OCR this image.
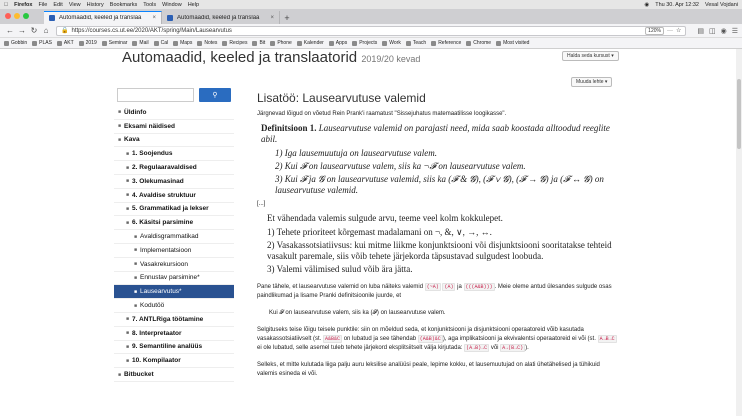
Firefox File Edit View History Bookmarks Tools Window Help	◉ Thu 30. Apr 12:32 Vesal Vojdani
Automaadid, keeled ja translaa	×	Automaadid, keeled ja translaa	×	+
← → ↻ ⌂	🔒 https://courses.cs.ut.ee/2020/AKT/spring/Main/Lausearvutus	120%	··· ☆ ▤ ◫ ◉ ☰
Gobbin PLAS AKT 2019 Seminar Mail Cal Maps Notes Recipes Bit Phone Kalender Apps Projects Work Teach Reference Chrome Most visited
Automaadid, keeled ja translaatorid 2019/20 kevad	Halda seda kursust
▾
Muuda lehte
▾
⚲
■ Üldinfo
■ Eksami näidised
■ Kava
■ 1. Soojendus
■ 2. Regulaaravaldised
■ 3. Olekumasinad
■ 4. Avaldise struktuur
■ 5. Grammatikad ja lekser
■ 6. Käsitsi parsimine
■ Avaldisgrammatikad
■ Implementatsioon
■ Vasakrekursioon
■ Ennustav parsimine*
■ Lausearvutus*
■ Kodutöö
■ 7. ANTLRiga töötamine
■ 8. Interpretaator
■ 9. Semantiline analüüs
■ 10. Kompilaator
■ Bitbucket
Lisatöö: Lausearvutuse valemid
Järgnevad lõigud on võetud Rein Prank'i raamatust "Sissejuhatus matemaatilisse loogikasse".
Definitsioon 1. Lausearvutuse valemid on parajasti need, mida saab koostada alltoodud reeglite abil.
1) Iga lausemuutuja on lausearvutuse valem.
2) Kui 𝓕 on lausearvutuse valem, siis ka ¬𝓕 on lausearvutuse valem.
3) Kui 𝓕 ja 𝓖 on lausearvutuse valemid, siis ka (𝓕 & 𝓖), (𝓕 ∨ 𝓖), (𝓕 → 𝓖) ja (𝓕 ↔ 𝓖) on lausearvutuse valemid.
[...]
Et vähendada valemis sulgude arvu, teeme veel kolm kokkulepet.
1) Tehete prioriteet kõrgemast madalamani on ¬, &, ∨, →, ↔.
2) Vasakassotsiatiivsus: kui mitme liikme konjunktsiooni või disjunktsiooni sooritatakse tehteid vasakult paremale, siis võib tehete järjekorda täpsustavad sulgudest loobuda.
3) Valemi välimised sulud võib ära jätta.
Pane tähele, et lausearvutuse valemid on luba näiteks valemid (~A) (A) ja (((A&B))) . Meie oleme antud ülesandes sulgude osas paindlikumad ja lisame Pranki definitsioonile juurde, et
Kui 𝓕 on lausearvutuse valem, siis ka (𝓕) on lausearvutuse valem.
Selgituseks teise lõigu teisele punktile: siin on mõeldud seda, et konjunktsiooni ja disjunktsiooni operaatoreid võib kasutada vasakassotsiatiivselt (st. A&B&C on lubatud ja see tähendab (A&B)&C ), aga implikatsiooni ja ekvivalentsi operaatoreid ei või (st. A→B→C ei ole lubatud, selle asemel tuleb tehete järjekord eksplitsiitselt välja kirjutada: (A→B)→C või A→(B→C) ).
Selleks, et mitte kulutada liiga palju auru leksilise analüüsi peale, lepime kokku, et lausemuutujad on alati ühetähelised ja tühikuid valemis esineda ei või.
